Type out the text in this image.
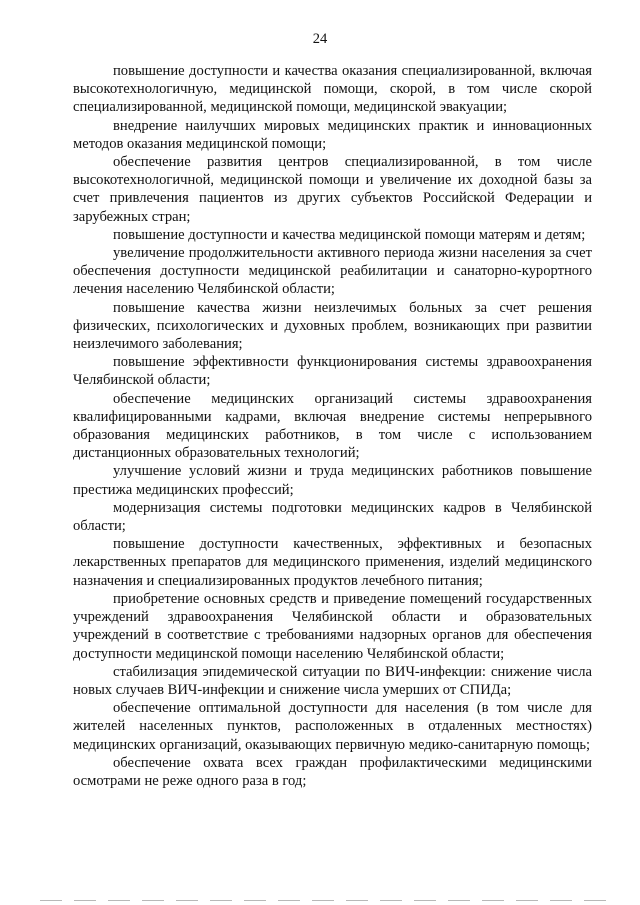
24

повышение доступности и качества оказания специализированной, включая высокотехнологичную, медицинской помощи, скорой, в том числе скорой специализированной, медицинской помощи, медицинской эвакуации;

внедрение наилучших мировых медицинских практик и инновационных методов оказания медицинской помощи;

обеспечение развития центров специализированной, в том числе высокотехнологичной, медицинской помощи и увеличение их доходной базы за счет привлечения пациентов из других субъектов Российской Федерации и зарубежных стран;

повышение доступности и качества медицинской помощи матерям и детям;

увеличение продолжительности активного периода жизни населения за счет обеспечения доступности медицинской реабилитации и санаторно-курортного лечения населению Челябинской области;

повышение качества жизни неизлечимых больных за счет решения физических, психологических и духовных проблем, возникающих при развитии неизлечимого заболевания;

повышение эффективности функционирования системы здравоохранения Челябинской области;

обеспечение медицинских организаций системы здравоохранения квалифицированными кадрами, включая внедрение системы непрерывного образования медицинских работников, в том числе с использованием дистанционных образовательных технологий;

улучшение условий жизни и труда медицинских работников повышение престижа медицинских профессий;

модернизация системы подготовки медицинских кадров в Челябинской области;

повышение доступности качественных, эффективных и безопасных лекарственных препаратов для медицинского применения, изделий медицинского назначения и специализированных продуктов лечебного питания;

приобретение основных средств и приведение помещений государственных учреждений здравоохранения Челябинской области и образовательных учреждений в соответствие с требованиями надзорных органов для обеспечения доступности медицинской помощи населению Челябинской области;

стабилизация эпидемической ситуации по ВИЧ-инфекции: снижение числа новых случаев ВИЧ-инфекции и снижение числа умерших от СПИДа;

обеспечение оптимальной доступности для населения (в том числе для жителей населенных пунктов, расположенных в отдаленных местностях) медицинских организаций, оказывающих первичную медико-санитарную помощь;

обеспечение охвата всех граждан профилактическими медицинскими осмотрами не реже одного раза в год;
